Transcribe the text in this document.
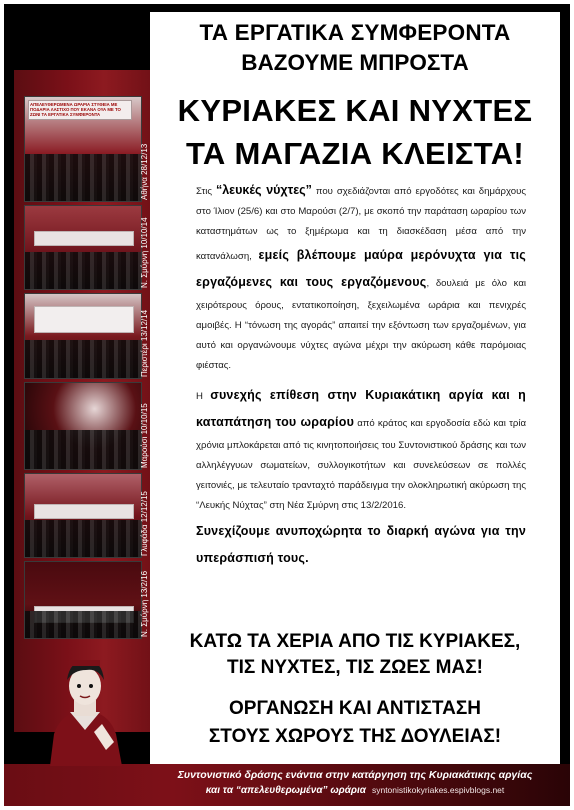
ΑΠΕΛΕΥΘΕΡΩΜΕΝΑ ΩΡΑΡΙΑ ΣΤΥΘΕΙΑ ΜΕ ΠΟΔΑΡΙΑ ΛΑΣΤΙΧΟ ΠΟΥ ΕΚΑΝΑ ΟΥΑ ΜΕ ΤΟ ΖΩΝΙ ΤΑ ΕΡΓΑΤΙΚΑ ΣΥΜΦΕΡΟΝΤΑ
Αθήνα 28/12/13
Ν. Σμύρνη 10/10/14
Περιστέρι 13/12/14
Μαρούσι 10/10/15
Γλυφάδα 12/12/15
Ν. Σμύρνη 13/2/16
ΤΑ ΕΡΓΑΤΙΚΑ ΣΥΜΦΕΡΟΝΤΑ
ΒΑΖΟΥΜΕ ΜΠΡΟΣΤΑ
ΚΥΡΙΑΚΕΣ ΚΑΙ ΝΥΧΤΕΣ
ΤΑ ΜΑΓΑΖΙΑ ΚΛΕΙΣΤΑ!

Στις “λευκές νύχτες” που σχεδιάζονται από εργοδότες και δημάρχους στο Ίλιον (25/6) και στο Μαρούσι (2/7), με σκοπό την παράταση ωραρίου των καταστημάτων ως το ξημέρωμα και τη διασκέδαση μέσα από την κατανάλωση, εμείς βλέπουμε μαύρα μερόνυχτα για τις εργαζόμενες και τους εργαζόμενους, δουλειά με όλο και χειρότερους όρους, εντατικοποίηση, ξεχειλωμένα ωράρια και πενιχρές αμοιβές. Η “τόνωση της αγοράς” απαιτεί την εξόντωση των εργαζομένων, για αυτό και οργανώνουμε νύχτες αγώνα μέχρι την ακύρωση κάθε παρόμοιας φιέστας.

Η συνεχής επίθεση στην Κυριακάτικη αργία και η καταπάτηση του ωραρίου από κράτος και εργοδοσία εδώ και τρία χρόνια μπλοκάρεται από τις κινητοποιήσεις του Συντονιστικού δράσης και των αλληλέγγυων σωματείων, συλλογικοτήτων και συνελεύσεων σε πολλές γειτονιές, με τελευταίο τρανταχτό παράδειγμα την ολοκληρωτική ακύρωση της “Λευκής Νύχτας” στη Νέα Σμύρνη στις 13/2/2016.

Συνεχίζουμε ανυποχώρητα το διαρκή αγώνα για την υπεράσπισή τους.

ΚΑΤΩ ΤΑ ΧΕΡΙΑ ΑΠΟ ΤΙΣ ΚΥΡΙΑΚΕΣ,
ΤΙΣ ΝΥΧΤΕΣ, ΤΙΣ ΖΩΕΣ ΜΑΣ!
ΟΡΓΑΝΩΣΗ ΚΑΙ ΑΝΤΙΣΤΑΣΗ
ΣΤΟΥΣ ΧΩΡΟΥΣ ΤΗΣ ΔΟΥΛΕΙΑΣ!
Συντονιστικό δράσης ενάντια στην κατάργηση της Κυριακάτικης αργίας
και τα “απελευθερωμένα” ωράρια syntonistikokyriakes.espivblogs.net
